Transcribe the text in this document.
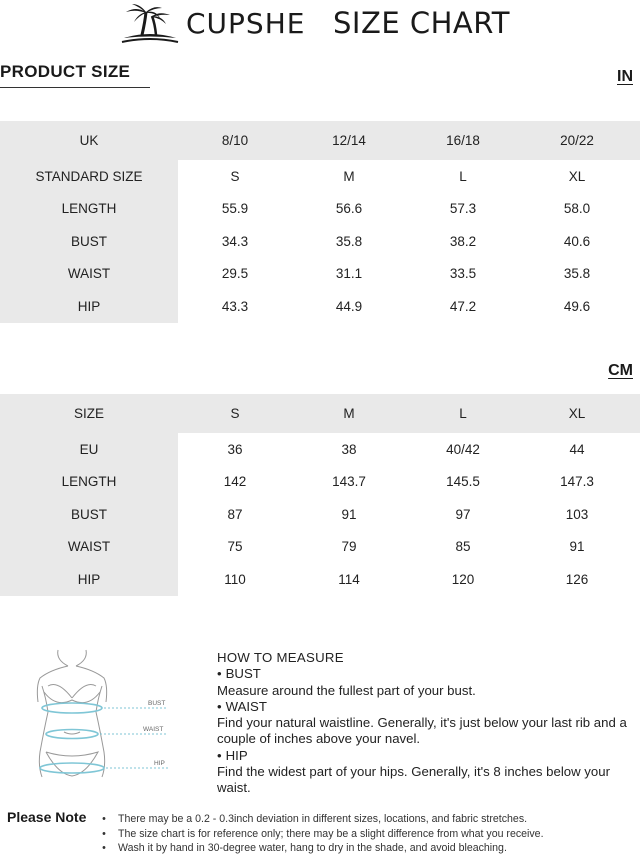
CUPSHE SIZE CHART
PRODUCT SIZE	IN
UK	8/10	12/14	16/18	20/22
STANDARD SIZE	S	M	L	XL
LENGTH	55.9	56.6	57.3	58.0
BUST	34.3	35.8	38.2	40.6
WAIST	29.5	31.1	33.5	35.8
HIP	43.3	44.9	47.2	49.6
CM
SIZE	S	M	L	XL
EU	36	38	40/42	44
LENGTH	142	143.7	145.5	147.3
BUST	87	91	97	103
WAIST	75	79	85	91
HIP	110	114	120	126
BUST
WAIST
HIP
HOW TO MEASURE
• BUST
Measure around the fullest part of your bust.
• WAIST
Find your natural waistline. Generally, it's just below your last rib and a couple of inches above your navel.
• HIP
Find the widest part of your hips. Generally, it's 8 inches below your waist.
Please Note • There may be a 0.2 - 0.3inch deviation in different sizes, locations, and fabric stretches.
• The size chart is for reference only; there may be a slight difference from what you receive.
• Wash it by hand in 30-degree water, hang to dry in the shade, and avoid bleaching.
